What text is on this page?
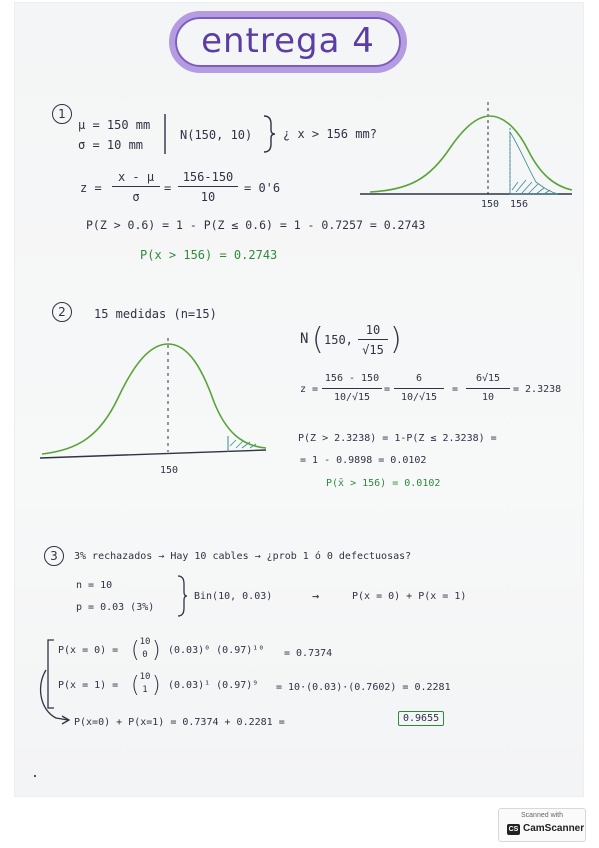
entrega 4
1
μ = 150 mm
σ = 10 mm
N(150, 10)	¿ x > 156 mm?
z =
x - μ
σ
=
156-150
10
= 0'6
P(Z > 0.6) = 1 - P(Z ≤ 0.6) = 1 - 0.7257 = 0.2743
P(x > 156) = 0.2743
150 156
2	15 medidas (n=15)
150
N ( 150,
10
√15 )
z =
156 - 150
10/√15
=
6
10/√15
=
6√15
10
= 2.3238
P(Z > 2.3238) = 1-P(Z ≤ 2.3238) =
= 1 - 0.9898 = 0.0102
P(x̄ > 156) = 0.0102
3	3% rechazados → Hay 10 cables → ¿prob 1 ó 0 defectuosas?
n = 10
p = 0.03 (3%)
Bin(10, 0.03)	→	P(x = 0) + P(x = 1)
P(x = 0) = ( 10
0 ) (0.03)⁰ (0.97)¹⁰ = 0.7374
P(x = 1) = ( 10
1 ) (0.03)¹ (0.97)⁹ = 10·(0.03)·(0.7602) = 0.2281
P(x=0) + P(x=1) = 0.7374 + 0.2281 =	0.9655
Scanned with
CS CamScanner
